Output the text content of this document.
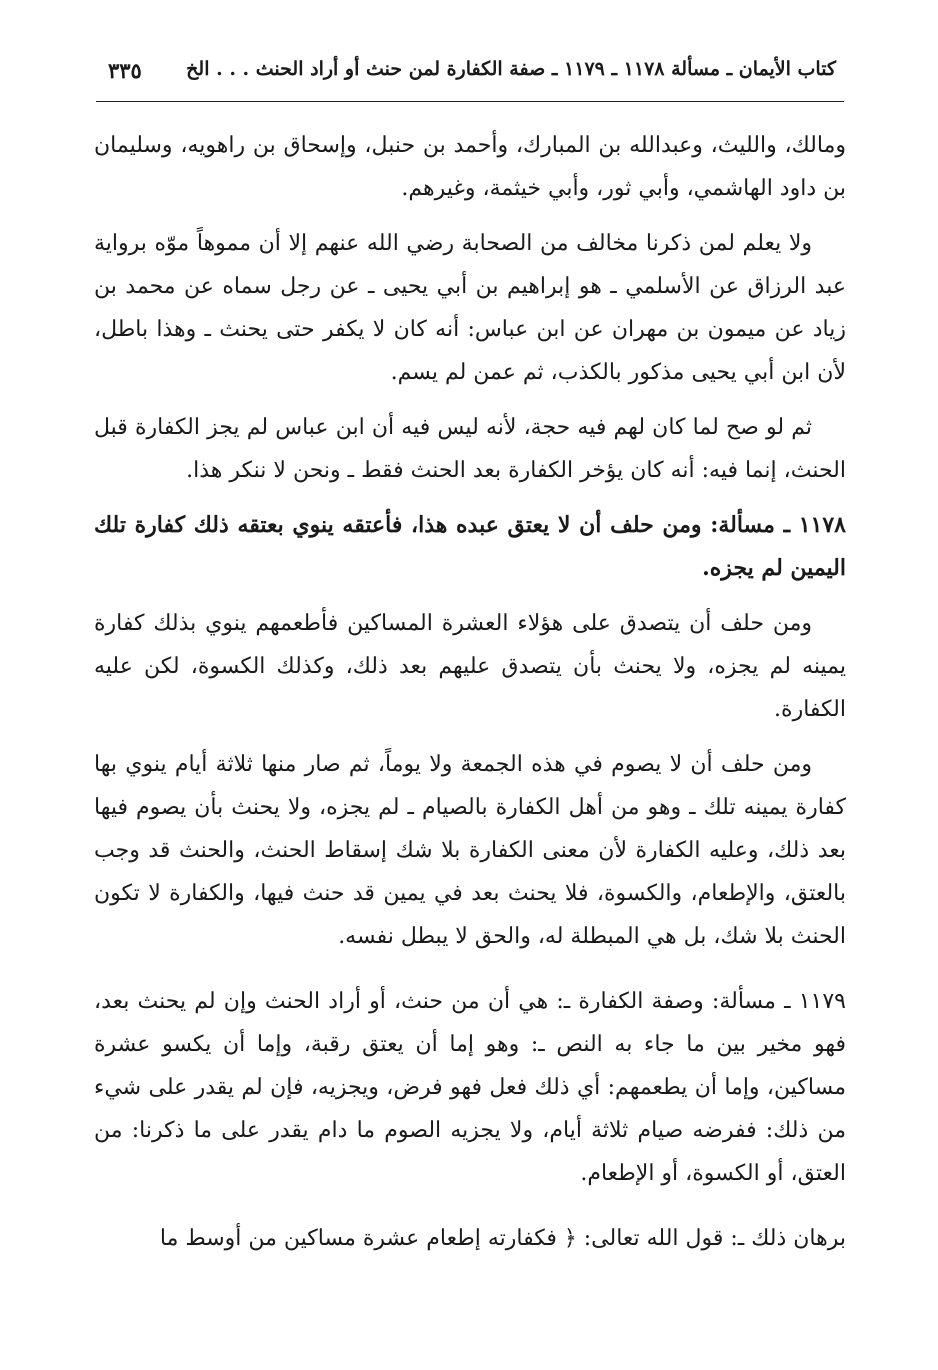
كتاب الأيمان ـ مسألة ١١٧٨ ـ ١١٧٩ ـ صفة الكفارة لمن حنث أو أراد الحنث . . . الخ
٣٣٥

ومالك، والليث، وعبدالله بن المبارك، وأحمد بن حنبل، وإسحاق بن راهويه، وسليمان بن داود الهاشمي، وأبي ثور، وأبي خيثمة، وغيرهم.

ولا يعلم لمن ذكرنا مخالف من الصحابة رضي الله عنهم إلا أن مموهاً موّه برواية عبد الرزاق عن الأسلمي ـ هو إبراهيم بن أبي يحيى ـ عن رجل سماه عن محمد بن زياد عن ميمون بن مهران عن ابن عباس: أنه كان لا يكفر حتى يحنث ـ وهذا باطل، لأن ابن أبي يحيى مذكور بالكذب، ثم عمن لم يسم.

ثم لو صح لما كان لهم فيه حجة، لأنه ليس فيه أن ابن عباس لم يجز الكفارة قبل الحنث، إنما فيه: أنه كان يؤخر الكفارة بعد الحنث فقط ـ ونحن لا ننكر هذا.

١١٧٨ ـ مسألة: ومن حلف أن لا يعتق عبده هذا، فأعتقه ينوي بعتقه ذلك كفارة تلك اليمين لم يجزه.

ومن حلف أن يتصدق على هؤلاء العشرة المساكين فأطعمهم ينوي بذلك كفارة يمينه لم يجزه، ولا يحنث بأن يتصدق عليهم بعد ذلك، وكذلك الكسوة، لكن عليه الكفارة.

ومن حلف أن لا يصوم في هذه الجمعة ولا يوماً، ثم صار منها ثلاثة أيام ينوي بها كفارة يمينه تلك ـ وهو من أهل الكفارة بالصيام ـ لم يجزه، ولا يحنث بأن يصوم فيها بعد ذلك، وعليه الكفارة لأن معنى الكفارة بلا شك إسقاط الحنث، والحنث قد وجب بالعتق، والإطعام، والكسوة، فلا يحنث بعد في يمين قد حنث فيها، والكفارة لا تكون الحنث بلا شك، بل هي المبطلة له، والحق لا يبطل نفسه.

١١٧٩ ـ مسألة: وصفة الكفارة ـ: هي أن من حنث، أو أراد الحنث وإن لم يحنث بعد، فهو مخير بين ما جاء به النص ـ: وهو إما أن يعتق رقبة، وإما أن يكسو عشرة مساكين، وإما أن يطعمهم: أي ذلك فعل فهو فرض، ويجزيه، فإن لم يقدر على شيء من ذلك: ففرضه صيام ثلاثة أيام، ولا يجزيه الصوم ما دام يقدر على ما ذكرنا: من العتق، أو الكسوة، أو الإطعام.

برهان ذلك ـ: قول الله تعالى: ﴿ فكفارته إطعام عشرة مساكين من أوسط ما
